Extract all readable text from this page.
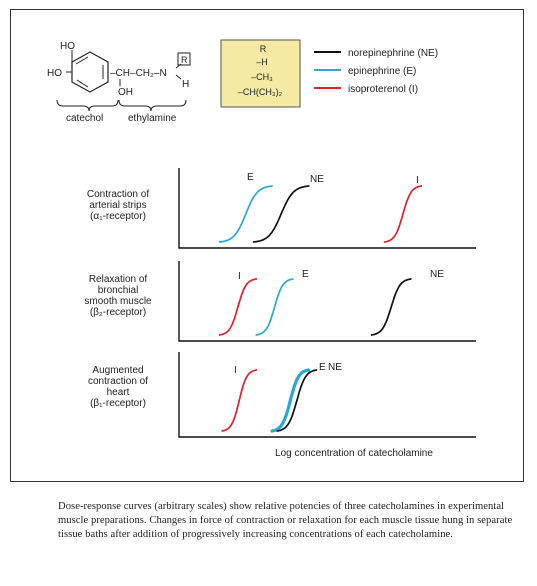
HO
HO	–CH–CH₂–N
OH
R
H
catechol ethylamine
R
–H
–CH₃
–CH(CH₃)₂
norepinephrine (NE)
epinephrine (E)
isoproterenol (I)
Contraction of
arterial strips
(α₁-receptor)
E	NE	I
Relaxation of
bronchial
smooth muscle
(β₂-receptor)
I	E	NE
Augmented
contraction of
heart
(β₁-receptor)
I	E NE
Log concentration of catecholamine
Dose-response curves (arbitrary scales) show relative potencies of three catecholamines in experimental muscle preparations. Changes in force of contraction or relaxation for each muscle tissue hung in separate tissue baths after addition of progressively increasing concentrations of each catecholamine.
